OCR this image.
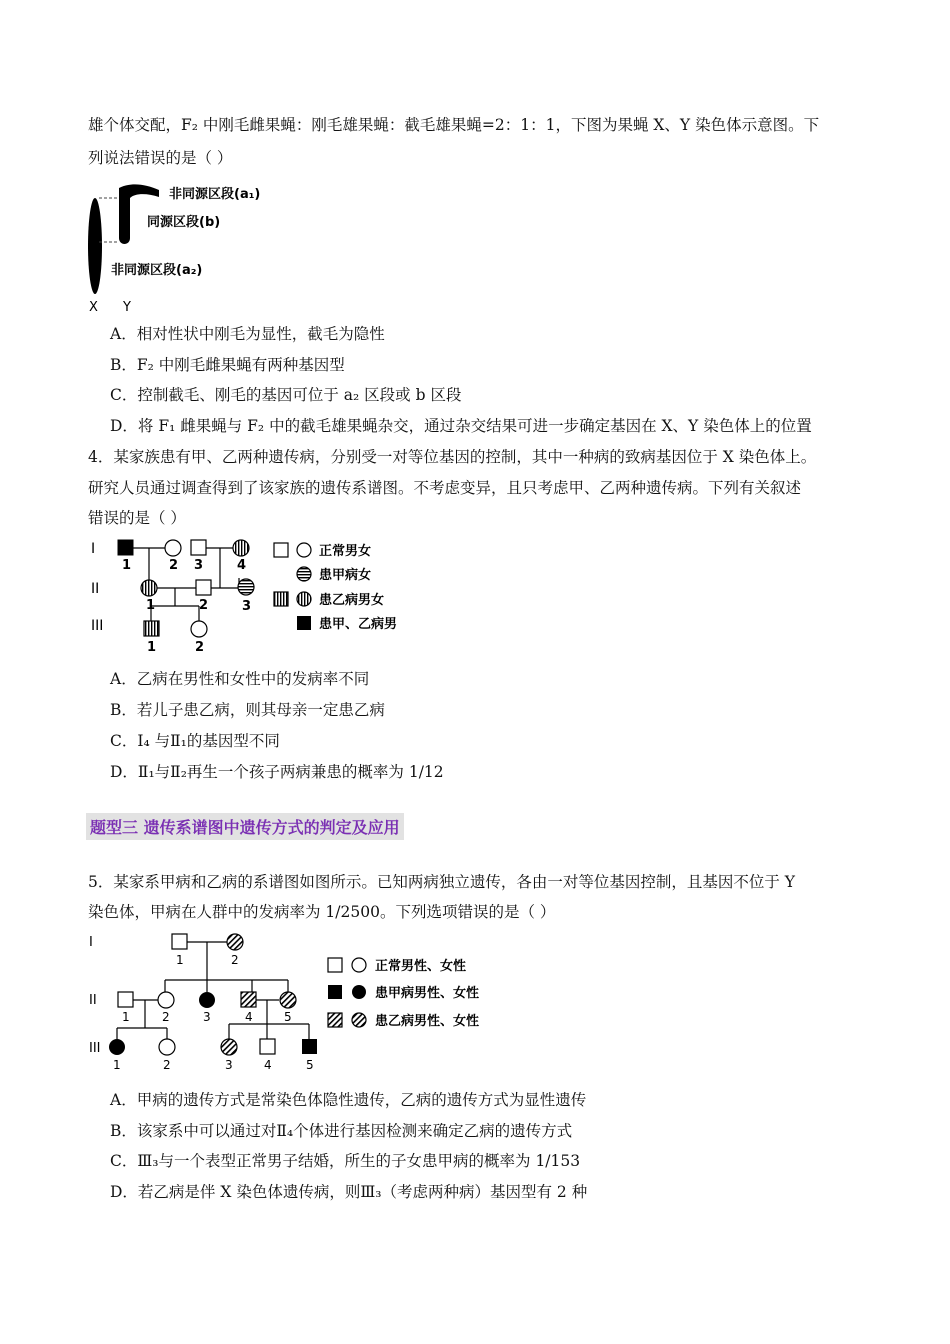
雄个体交配，F₂ 中刚毛雌果蝇：刚毛雄果蝇：截毛雄果蝇=2：1：1，下图为果蝇 X、Y 染色体示意图。下
列说法错误的是（ ）
非同源区段(a₁)
同源区段(b)
非同源区段(a₂)
X Y
A．相对性状中刚毛为显性，截毛为隐性
B．F₂ 中刚毛雌果蝇有两种基因型
C．控制截毛、刚毛的基因可位于 a₂ 区段或 b 区段
D．将 F₁ 雌果蝇与 F₂ 中的截毛雄果蝇杂交，通过杂交结果可进一步确定基因在 X、Y 染色体上的位置
4．某家族患有甲、乙两种遗传病，分别受一对等位基因的控制，其中一种病的致病基因位于 X 染色体上。
研究人员通过调查得到了该家族的遗传系谱图。不考虑变异，且只考虑甲、乙两种遗传病。下列有关叙述
错误的是（ ）
I
II
III
1	2 3	4
1	2	3
1	2
正常男女
患甲病女
患乙病男女
患甲、乙病男
A．乙病在男性和女性中的发病率不同
B．若儿子患乙病，则其母亲一定患乙病
C．I₄ 与Ⅱ₁的基因型不同
D．Ⅱ₁与Ⅱ₂再生一个孩子两病兼患的概率为 1/12
题型三 遗传系谱图中遗传方式的判定及应用
5．某家系甲病和乙病的系谱图如图所示。已知两病独立遗传，各由一对等位基因控制，且基因不位于 Y
染色体，甲病在人群中的发病率为 1/2500。下列选项错误的是（ ）
I
II
III
1	2
1	2	3	4	5
1	2	3	4	5
正常男性、女性
患甲病男性、女性
患乙病男性、女性
A．甲病的遗传方式是常染色体隐性遗传，乙病的遗传方式为显性遗传
B．该家系中可以通过对Ⅱ₄个体进行基因检测来确定乙病的遗传方式
C．Ⅲ₃与一个表型正常男子结婚，所生的子女患甲病的概率为 1/153
D．若乙病是伴 X 染色体遗传病，则Ⅲ₃（考虑两种病）基因型有 2 种
